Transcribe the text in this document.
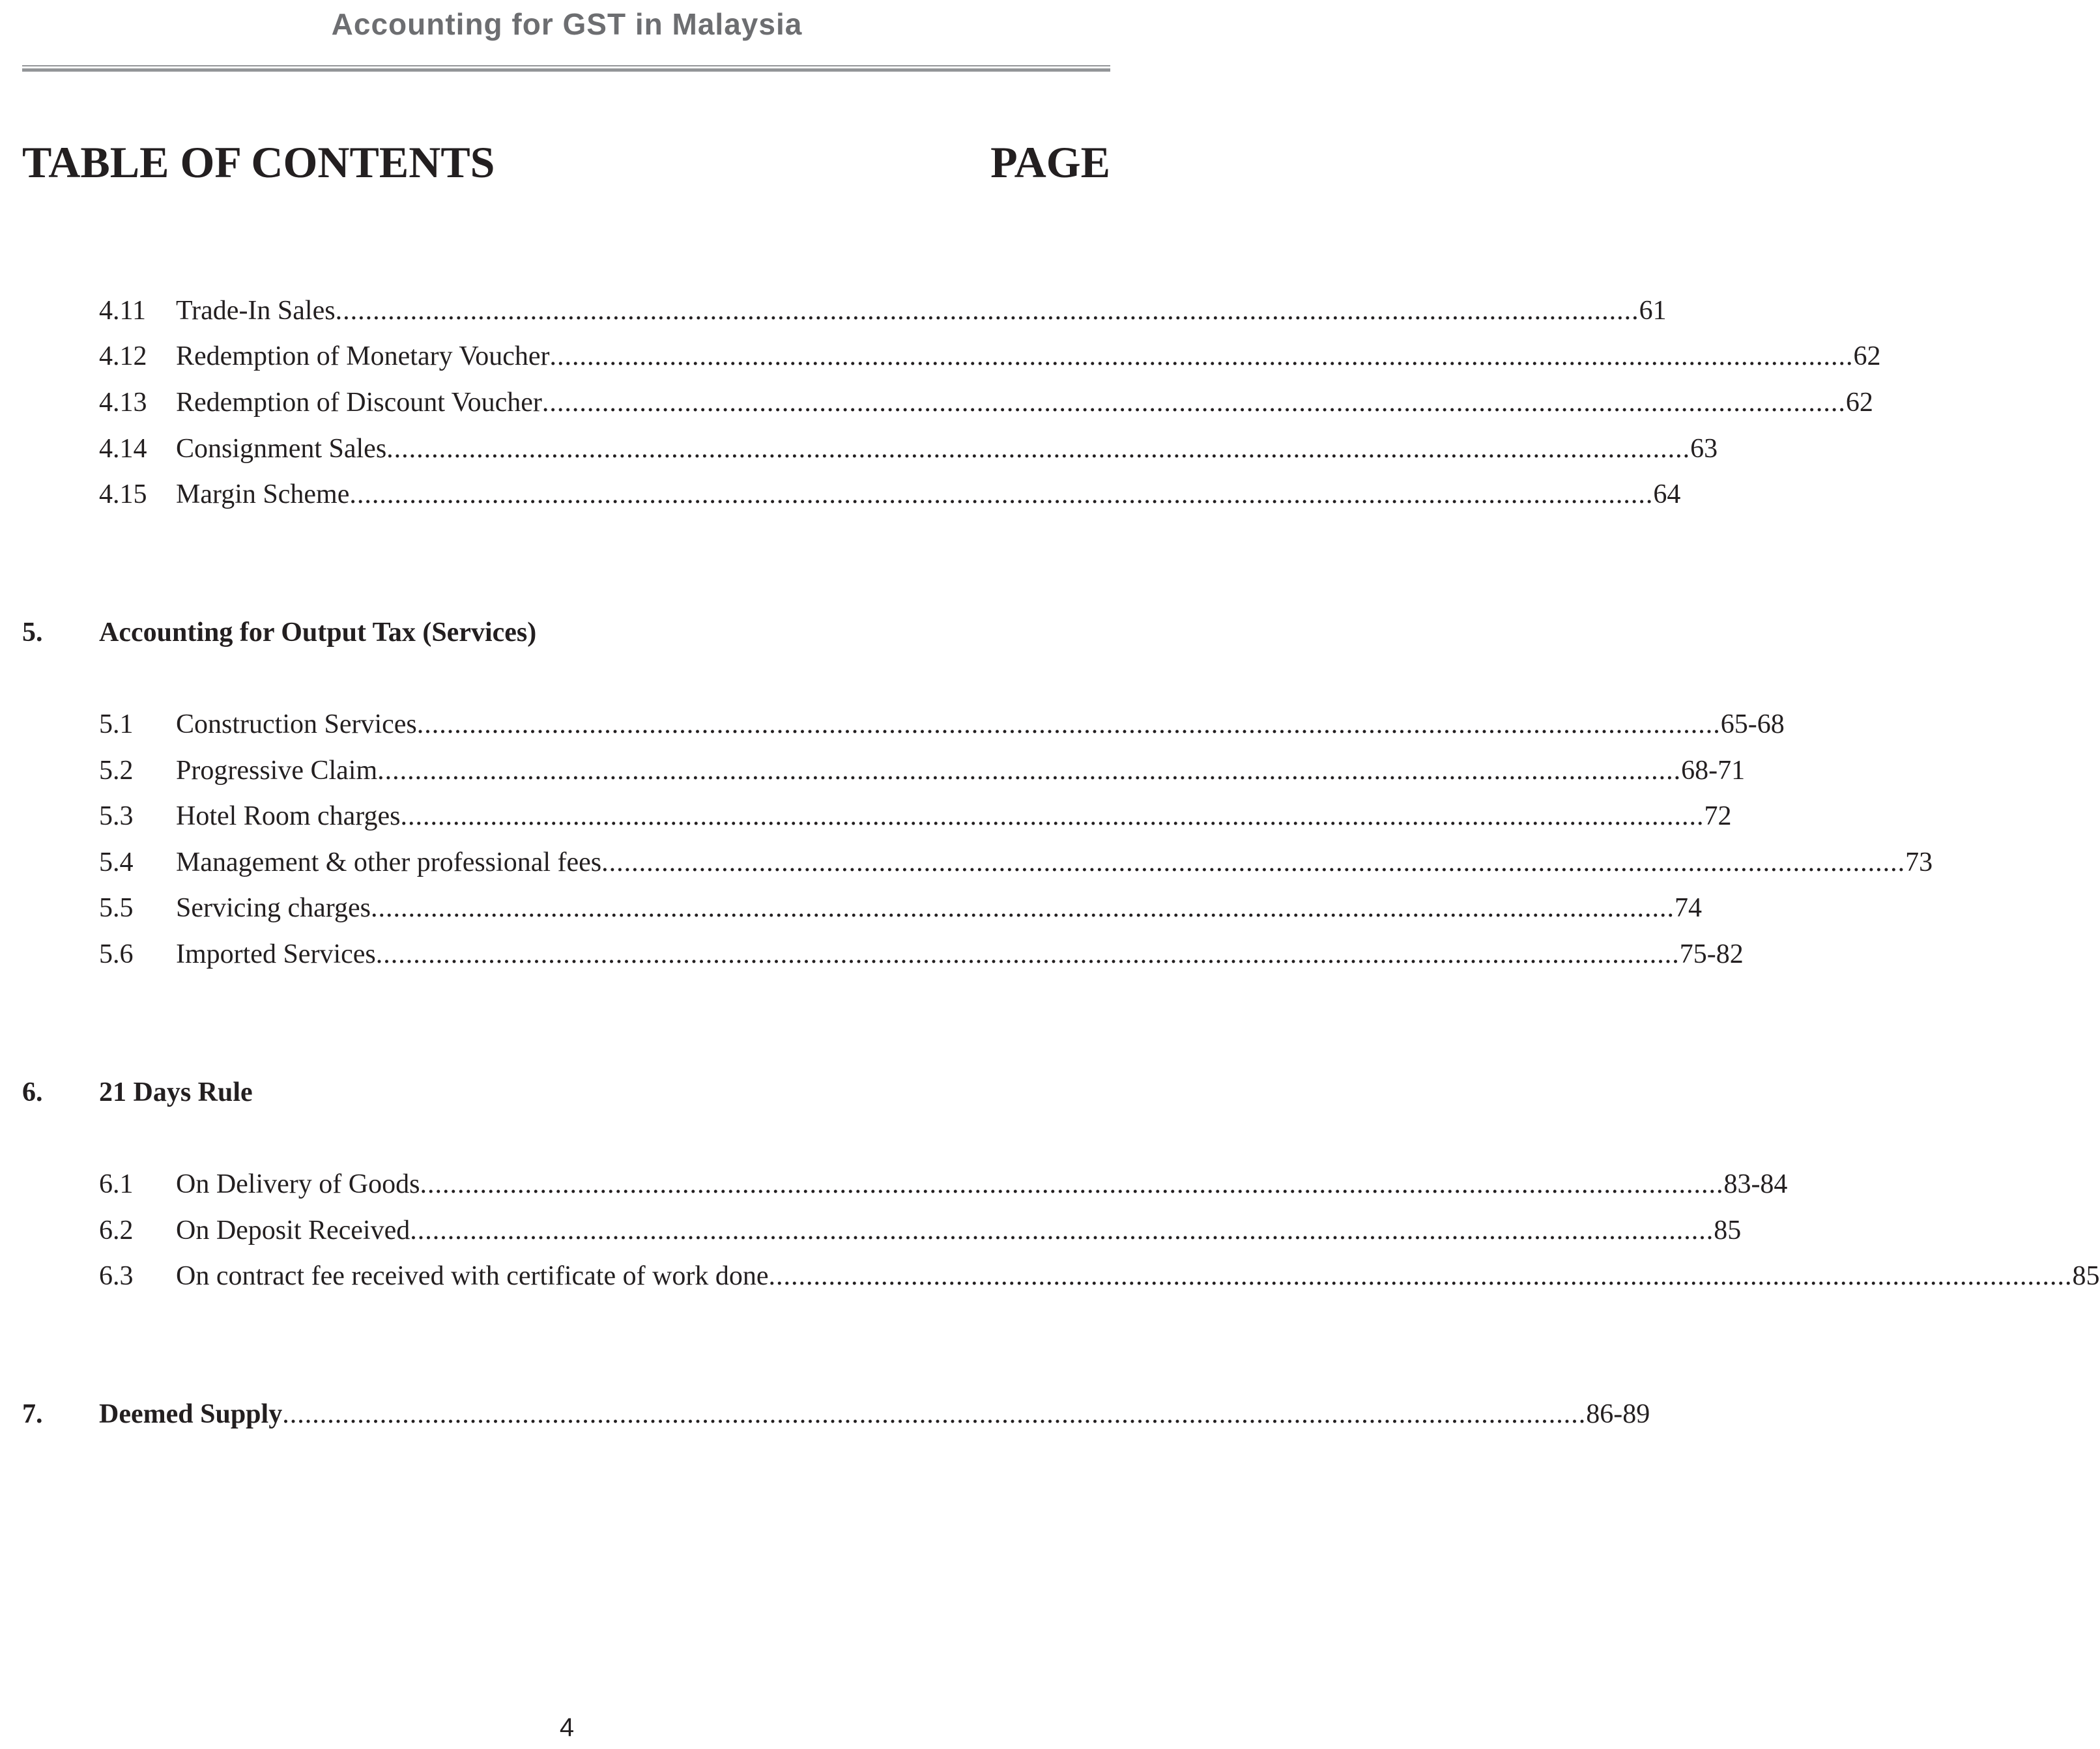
Accounting for GST in Malaysia
TABLE OF CONTENTS	PAGE
4.11 Trade-In Sales .............................................................................................................................................................................. 61
4.12 Redemption of Monetary Voucher .............................................................................................................................................................................. 62
4.13 Redemption of Discount Voucher .............................................................................................................................................................................. 62
4.14 Consignment Sales .............................................................................................................................................................................. 63
4.15 Margin Scheme .............................................................................................................................................................................. 64
5. Accounting for Output Tax (Services)
5.1 Construction Services .............................................................................................................................................................................. 65-68
5.2 Progressive Claim .............................................................................................................................................................................. 68-71
5.3 Hotel Room charges .............................................................................................................................................................................. 72
5.4 Management & other professional fees .............................................................................................................................................................................. 73
5.5 Servicing charges .............................................................................................................................................................................. 74
5.6 Imported Services .............................................................................................................................................................................. 75-82
6. 21 Days Rule
6.1 On Delivery of Goods .............................................................................................................................................................................. 83-84
6.2 On Deposit Received .............................................................................................................................................................................. 85
6.3 On contract fee received with certificate of work done .............................................................................................................................................................................. 85
7. Deemed Supply .............................................................................................................................................................................. 86-89
4
